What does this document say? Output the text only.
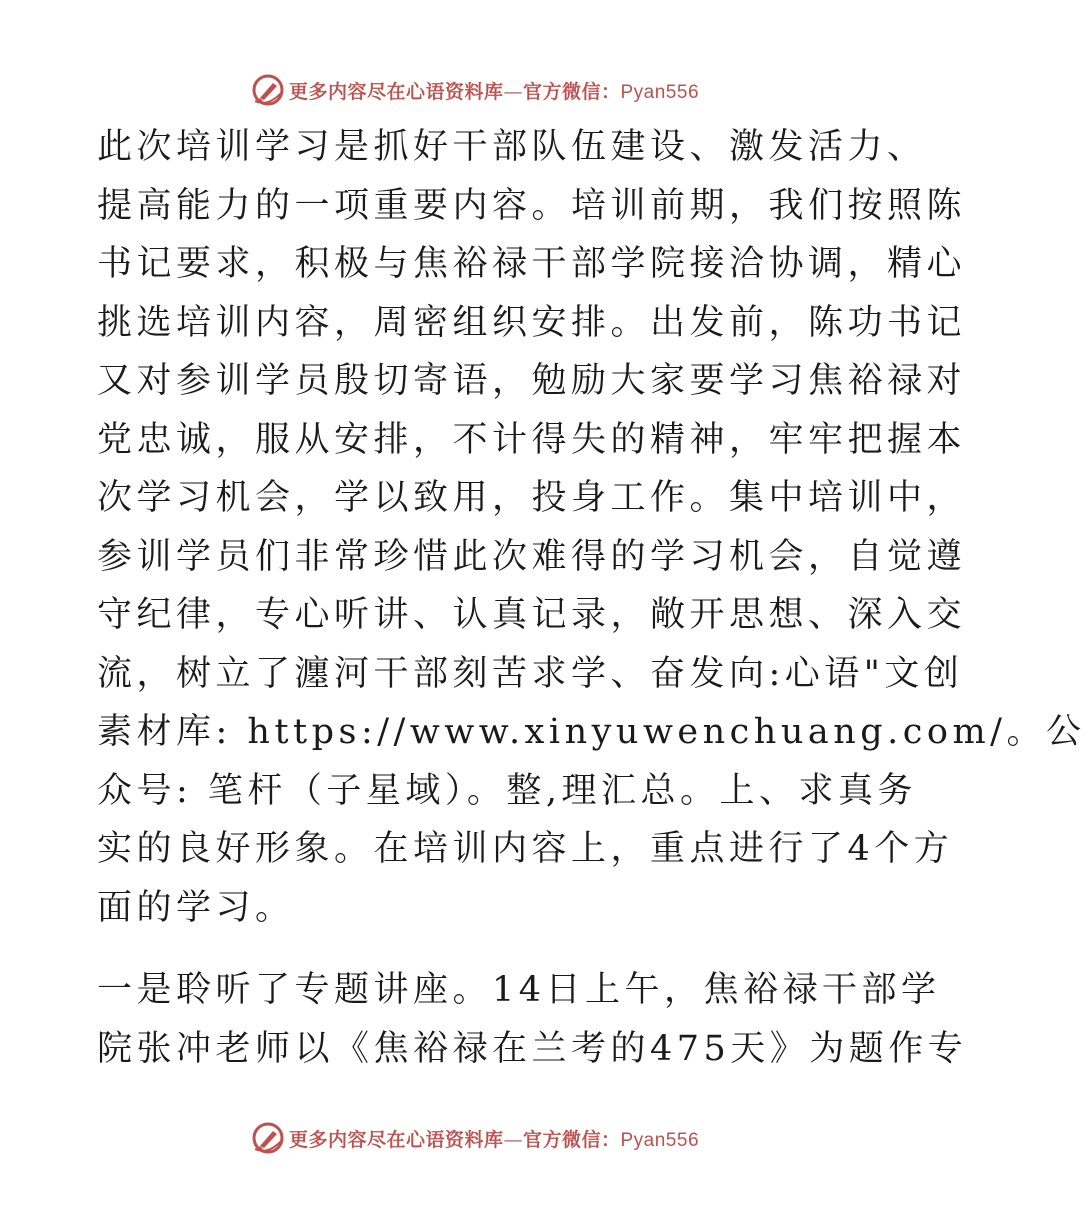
更多内容尽在心语资料库—官方微信：Pyan556

此次培训学习是抓好干部队伍建设、激发活力、
提高能力的一项重要内容。培训前期，我们按照陈
书记要求，积极与焦裕禄干部学院接洽协调，精心
挑选培训内容，周密组织安排。出发前，陈功书记
又对参训学员殷切寄语，勉励大家要学习焦裕禄对
党忠诚，服从安排，不计得失的精神，牢牢把握本
次学习机会，学以致用，投身工作。集中培训中，
参训学员们非常珍惜此次难得的学习机会，自觉遵
守纪律，专心听讲、认真记录，敞开思想、深入交
流，树立了瀍河干部刻苦求学、奋发向:心语"文创
素材库: https://www.xinyuwenchuang.com/。公
众号: 笔杆（子星域）。整,理汇总。上、求真务
实的良好形象。在培训内容上，重点进行了4个方
面的学习。

一是聆听了专题讲座。14日上午，焦裕禄干部学
院张冲老师以《焦裕禄在兰考的475天》为题作专

更多内容尽在心语资料库—官方微信：Pyan556
